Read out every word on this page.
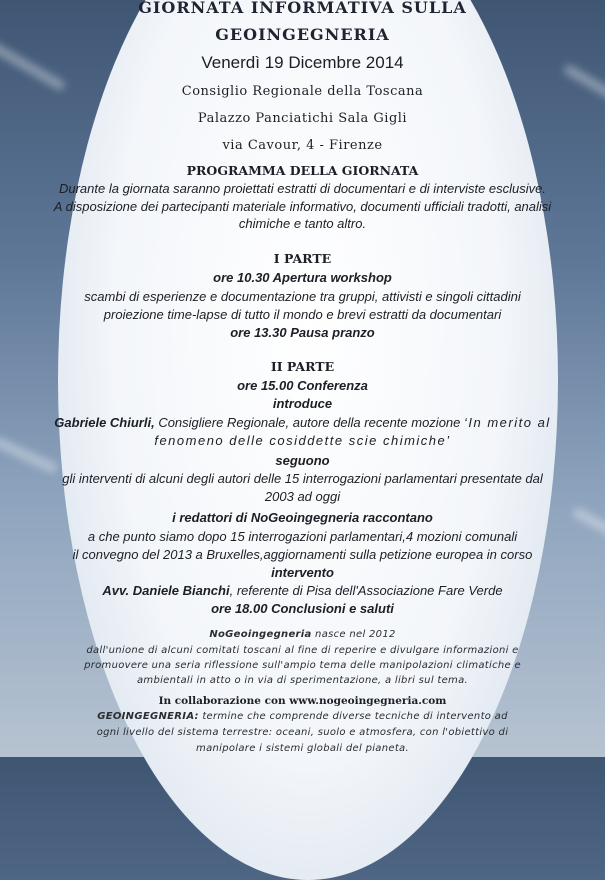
GIORNATA INFORMATIVA SULLA
GEOINGEGNERIA
Venerdì 19 Dicembre 2014
Consiglio Regionale della Toscana
Palazzo Panciatichi Sala Gigli
via Cavour, 4 - Firenze
PROGRAMMA DELLA GIORNATA
Durante la giornata saranno proiettati estratti di documentari e di interviste esclusive.
A disposizione dei partecipanti materiale informativo, documenti ufficiali tradotti, analisi
chimiche e tanto altro.
I PARTE
ore 10.30 Apertura workshop
scambi di esperienze e documentazione tra gruppi, attivisti e singoli cittadini
proiezione time-lapse di tutto il mondo e brevi estratti da documentari
ore 13.30 Pausa pranzo
II PARTE
ore 15.00 Conferenza
introduce
Gabriele Chiurli, Consigliere Regionale, autore della recente mozione ‘In merito al
fenomeno delle cosiddette scie chimiche’
seguono
gli interventi di alcuni degli autori delle 15 interrogazioni parlamentari presentate dal
2003 ad oggi
i redattori di NoGeoingegneria raccontano
a che punto siamo dopo 15 interrogazioni parlamentari,4 mozioni comunali
il convegno del 2013 a Bruxelles,aggiornamenti sulla petizione europea in corso
intervento
Avv. Daniele Bianchi, referente di Pisa dell'Associazione Fare Verde
ore 18.00 Conclusioni e saluti
NoGeoingegneria nasce nel 2012
dall'unione di alcuni comitati toscani al fine di reperire e divulgare informazioni e
promuovere una seria riflessione sull'ampio tema delle manipolazioni climatiche e
ambientali in atto o in via di sperimentazione, a libri sul tema.
In collaborazione con www.nogeoingegneria.com
GEOINGEGNERIA: termine che comprende diverse tecniche di intervento ad
ogni livello del sistema terrestre: oceani, suolo e atmosfera, con l'obiettivo di
manipolare i sistemi globali del pianeta.
